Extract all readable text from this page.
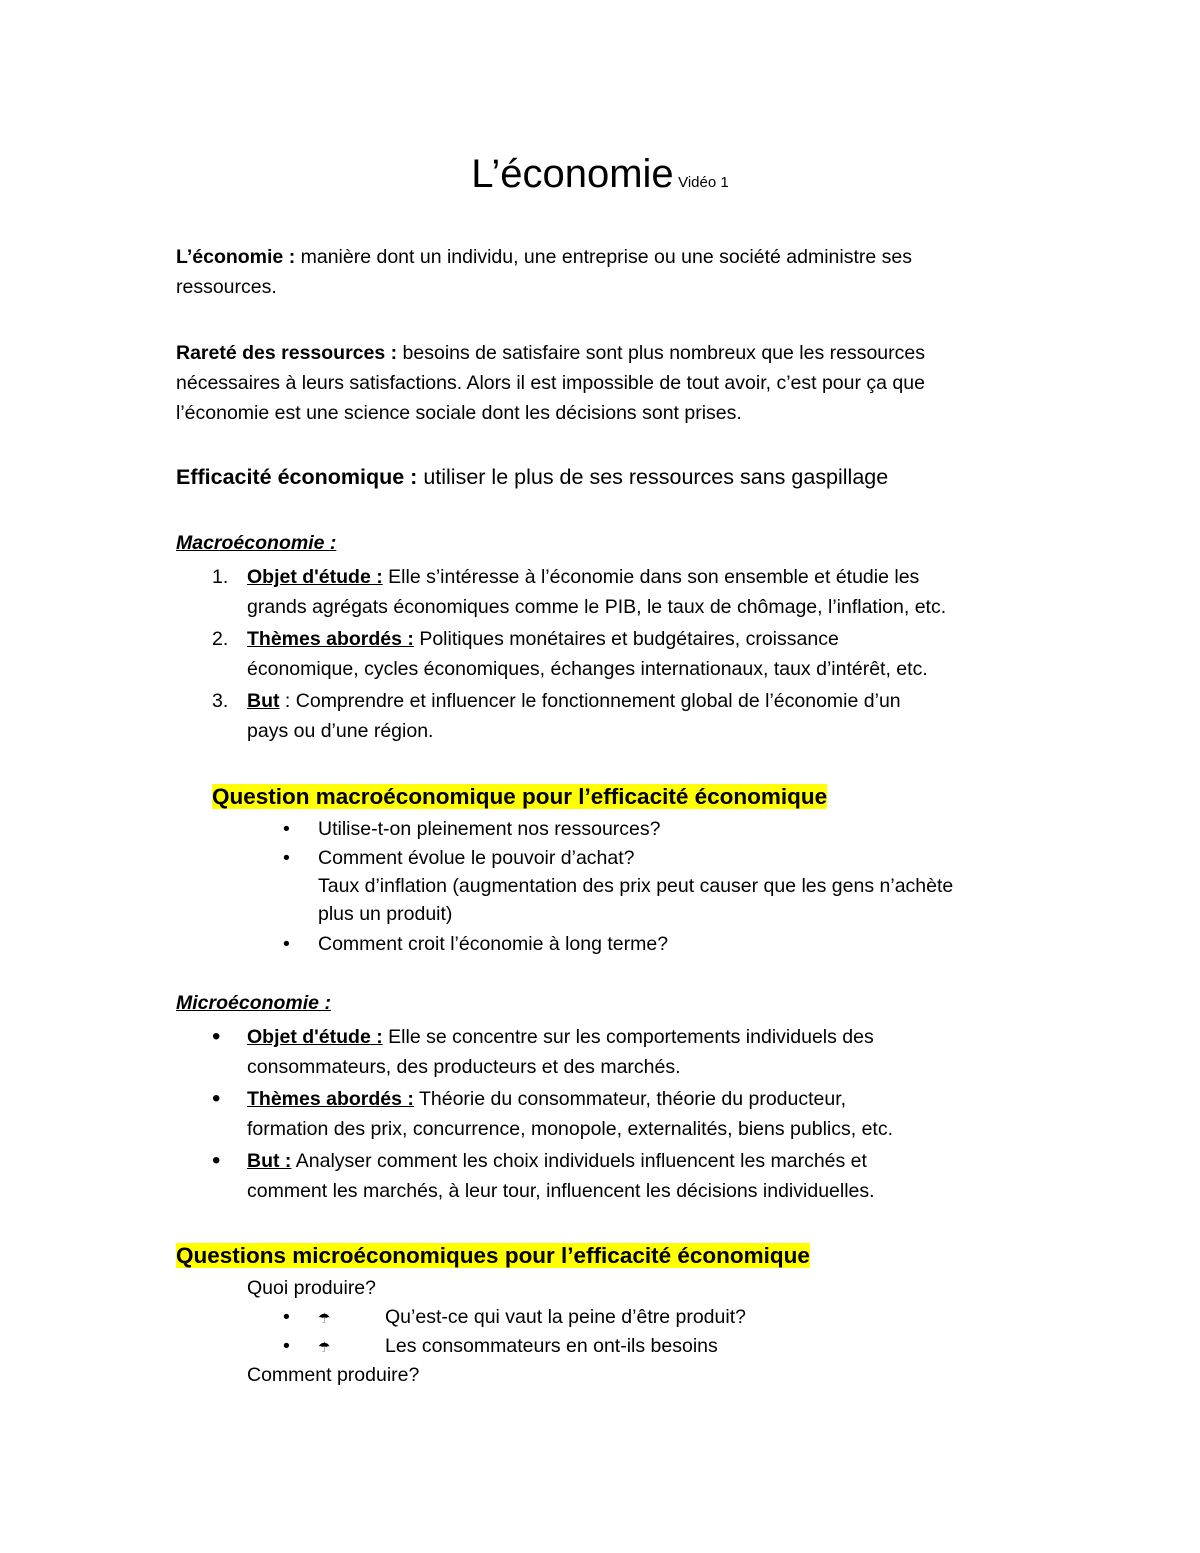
L’économie Vidéo 1
L’économie : manière dont un individu, une entreprise ou une société administre ses
ressources.
Rareté des ressources : besoins de satisfaire sont plus nombreux que les ressources
nécessaires à leurs satisfactions. Alors il est impossible de tout avoir, c’est pour ça que
l’économie est une science sociale dont les décisions sont prises.
Efficacité économique : utiliser le plus de ses ressources sans gaspillage
Macroéconomie :
1. Objet d'étude : Elle s’intéresse à l’économie dans son ensemble et étudie les
grands agrégats économiques comme le PIB, le taux de chômage, l’inflation, etc.
2. Thèmes abordés : Politiques monétaires et budgétaires, croissance
économique, cycles économiques, échanges internationaux, taux d’intérêt, etc.
3. But : Comprendre et influencer le fonctionnement global de l’économie d’un
pays ou d’une région.
Question macroéconomique pour l’efficacité économique
• Utilise-t-on pleinement nos ressources?
• Comment évolue le pouvoir d’achat?
Taux d’inflation (augmentation des prix peut causer que les gens n’achète
plus un produit)
• Comment croit l’économie à long terme?
Microéconomie :
• Objet d'étude : Elle se concentre sur les comportements individuels des
consommateurs, des producteurs et des marchés.
• Thèmes abordés : Théorie du consommateur, théorie du producteur,
formation des prix, concurrence, monopole, externalités, biens publics, etc.
• But : Analyser comment les choix individuels influencent les marchés et
comment les marchés, à leur tour, influencent les décisions individuelles.
Questions microéconomiques pour l’efficacité économique
Quoi produire?
• ☂	Qu’est-ce qui vaut la peine d’être produit?
• ☂	Les consommateurs en ont-ils besoins
Comment produire?
